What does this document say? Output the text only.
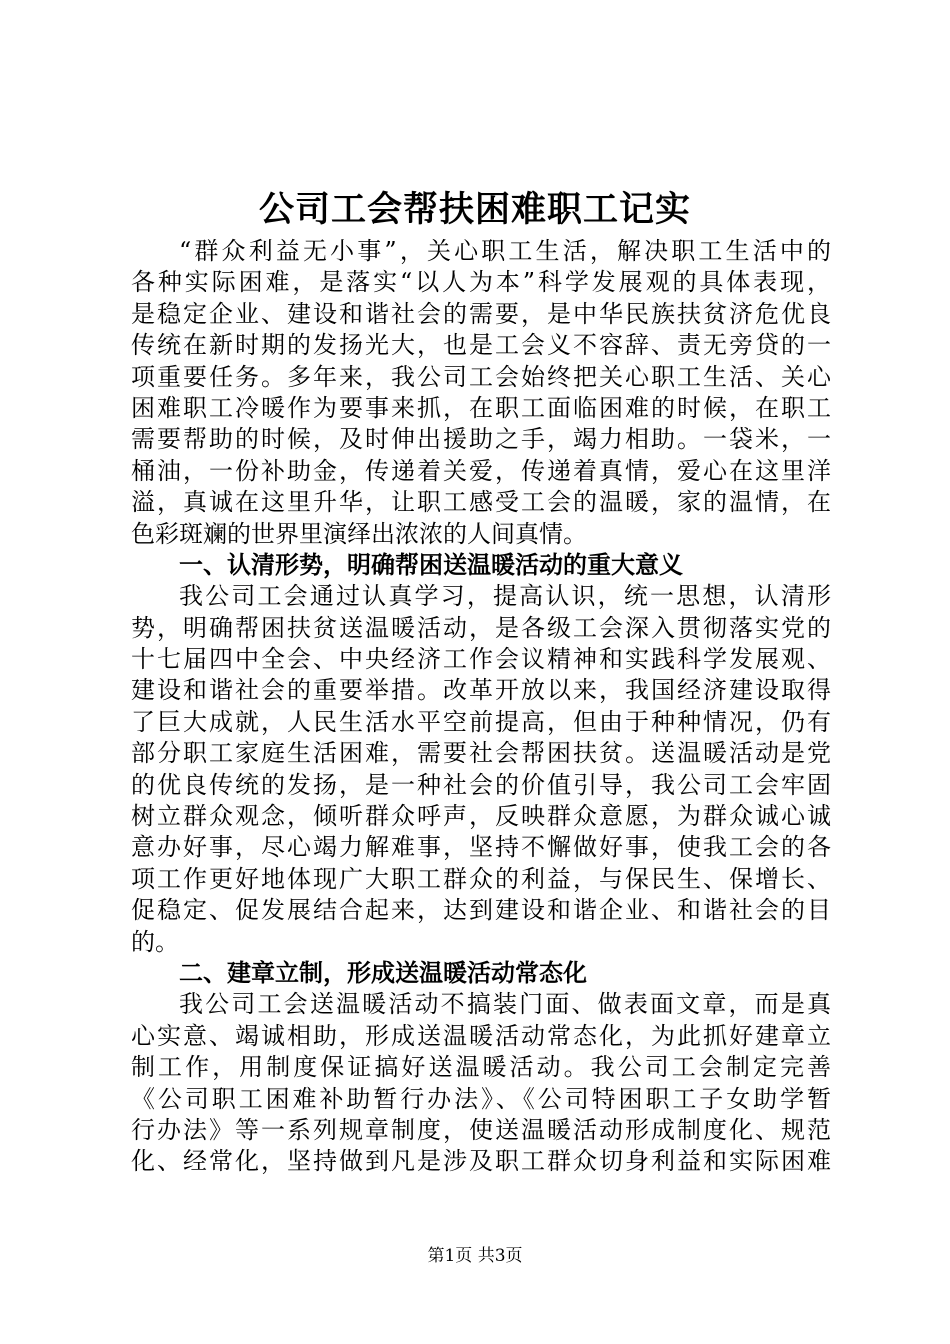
公司工会帮扶困难职工记实
“群众利益无小事”，关心职工生活，解决职工生活中的
各种实际困难，是落实“以人为本”科学发展观的具体表现，
是稳定企业、建设和谐社会的需要，是中华民族扶贫济危优良
传统在新时期的发扬光大，也是工会义不容辞、责无旁贷的一
项重要任务。多年来，我公司工会始终把关心职工生活、关心
困难职工冷暖作为要事来抓，在职工面临困难的时候，在职工
需要帮助的时候，及时伸出援助之手，竭力相助。一袋米，一
桶油，一份补助金，传递着关爱，传递着真情，爱心在这里洋
溢，真诚在这里升华，让职工感受工会的温暖，家的温情，在
色彩斑斓的世界里演绎出浓浓的人间真情。
一、认清形势，明确帮困送温暖活动的重大意义
我公司工会通过认真学习，提高认识，统一思想，认清形
势，明确帮困扶贫送温暖活动，是各级工会深入贯彻落实党的
十七届四中全会、中央经济工作会议精神和实践科学发展观、
建设和谐社会的重要举措。改革开放以来，我国经济建设取得
了巨大成就，人民生活水平空前提高，但由于种种情况，仍有
部分职工家庭生活困难，需要社会帮困扶贫。送温暖活动是党
的优良传统的发扬，是一种社会的价值引导，我公司工会牢固
树立群众观念，倾听群众呼声，反映群众意愿，为群众诚心诚
意办好事，尽心竭力解难事，坚持不懈做好事，使我工会的各
项工作更好地体现广大职工群众的利益，与保民生、保增长、
促稳定、促发展结合起来，达到建设和谐企业、和谐社会的目
的。
二、建章立制，形成送温暖活动常态化
我公司工会送温暖活动不搞装门面、做表面文章，而是真
心实意、竭诚相助，形成送温暖活动常态化，为此抓好建章立
制工作，用制度保证搞好送温暖活动。我公司工会制定完善
《公司职工困难补助暂行办法》、《公司特困职工子女助学暂
行办法》等一系列规章制度，使送温暖活动形成制度化、规范
化、经常化，坚持做到凡是涉及职工群众切身利益和实际困难
第1页 共3页
